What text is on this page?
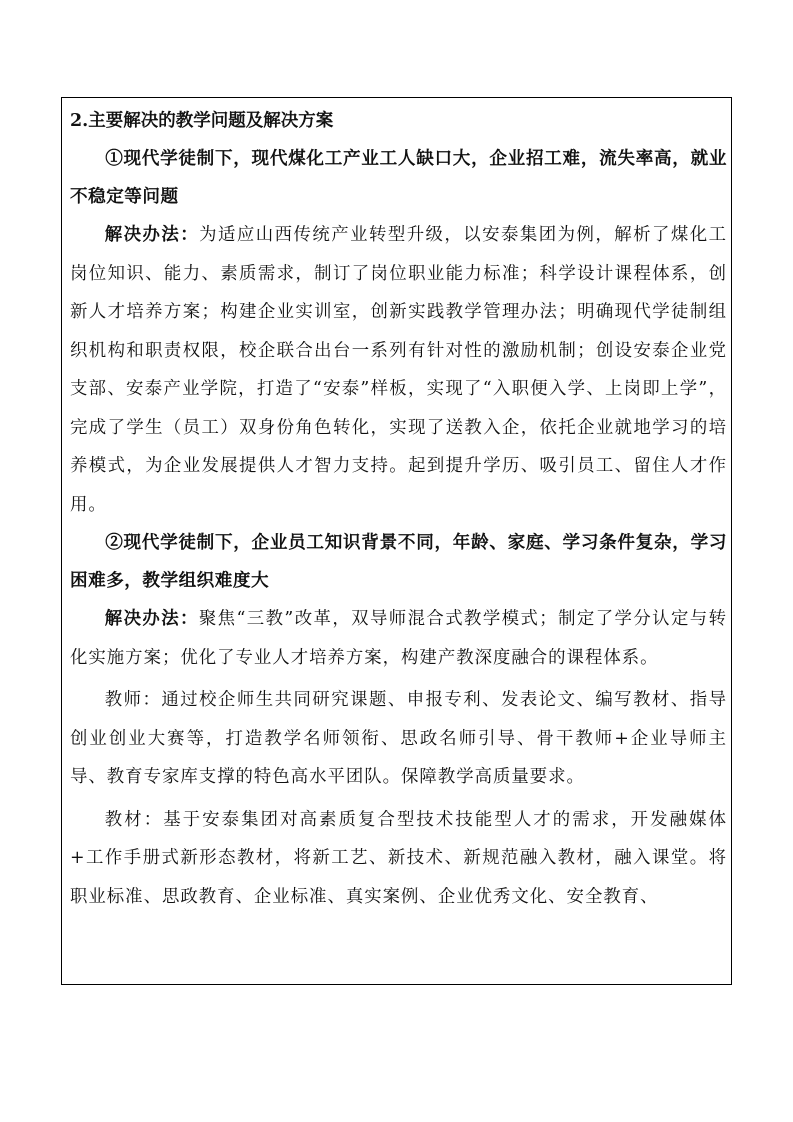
2.主要解决的教学问题及解决方案

①现代学徒制下，现代煤化工产业工人缺口大，企业招工难，流失率高，就业不稳定等问题

解决办法：为适应山西传统产业转型升级，以安泰集团为例，解析了煤化工岗位知识、能力、素质需求，制订了岗位职业能力标准；科学设计课程体系，创新人才培养方案；构建企业实训室，创新实践教学管理办法；明确现代学徒制组织机构和职责权限，校企联合出台一系列有针对性的激励机制；创设安泰企业党支部、安泰产业学院，打造了“安泰”样板，实现了“入职便入学、上岗即上学”，完成了学生（员工）双身份角色转化，实现了送教入企，依托企业就地学习的培养模式，为企业发展提供人才智力支持。起到提升学历、吸引员工、留住人才作用。

②现代学徒制下，企业员工知识背景不同，年龄、家庭、学习条件复杂，学习困难多，教学组织难度大

解决办法：聚焦“三教”改革，双导师混合式教学模式；制定了学分认定与转化实施方案；优化了专业人才培养方案，构建产教深度融合的课程体系。

教师：通过校企师生共同研究课题、申报专利、发表论文、编写教材、指导创业创业大赛等，打造教学名师领衔、思政名师引导、骨干教师+企业导师主导、教育专家库支撑的特色高水平团队。保障教学高质量要求。

教材：基于安泰集团对高素质复合型技术技能型人才的需求，开发融媒体+工作手册式新形态教材，将新工艺、新技术、新规范融入教材，融入课堂。将职业标准、思政教育、企业标准、真实案例、企业优秀文化、安全教育、
